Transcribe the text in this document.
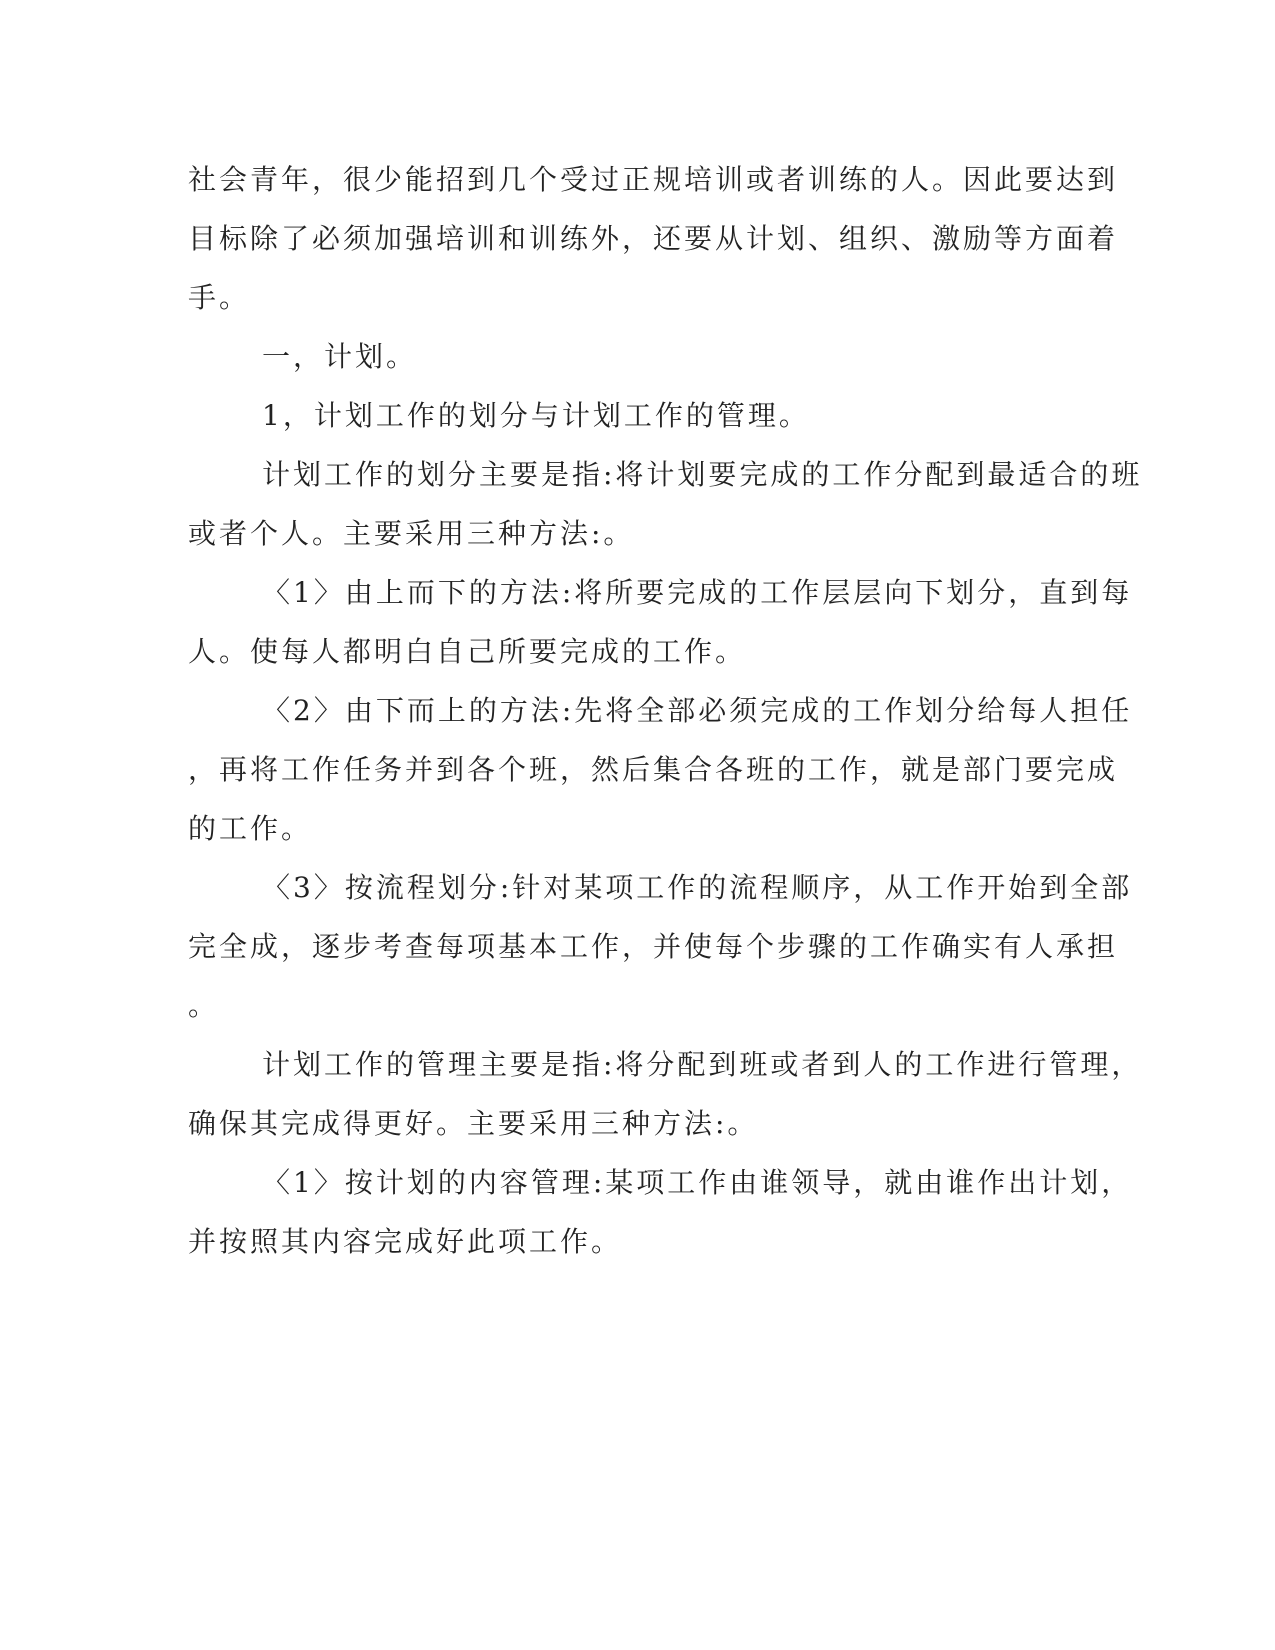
社会青年，很少能招到几个受过正规培训或者训练的人。因此要达到
目标除了必须加强培训和训练外，还要从计划、组织、激励等方面着
手。
一，计划。
1，计划工作的划分与计划工作的管理。
计划工作的划分主要是指:将计划要完成的工作分配到最适合的班
或者个人。主要采用三种方法:。
〈1〉由上而下的方法:将所要完成的工作层层向下划分，直到每
人。使每人都明白自己所要完成的工作。
〈2〉由下而上的方法:先将全部必须完成的工作划分给每人担任
，再将工作任务并到各个班，然后集合各班的工作，就是部门要完成
的工作。
〈3〉按流程划分:针对某项工作的流程顺序，从工作开始到全部
完全成，逐步考查每项基本工作，并使每个步骤的工作确实有人承担
。
计划工作的管理主要是指:将分配到班或者到人的工作进行管理，
确保其完成得更好。主要采用三种方法:。
〈1〉按计划的内容管理:某项工作由谁领导，就由谁作出计划，
并按照其内容完成好此项工作。
